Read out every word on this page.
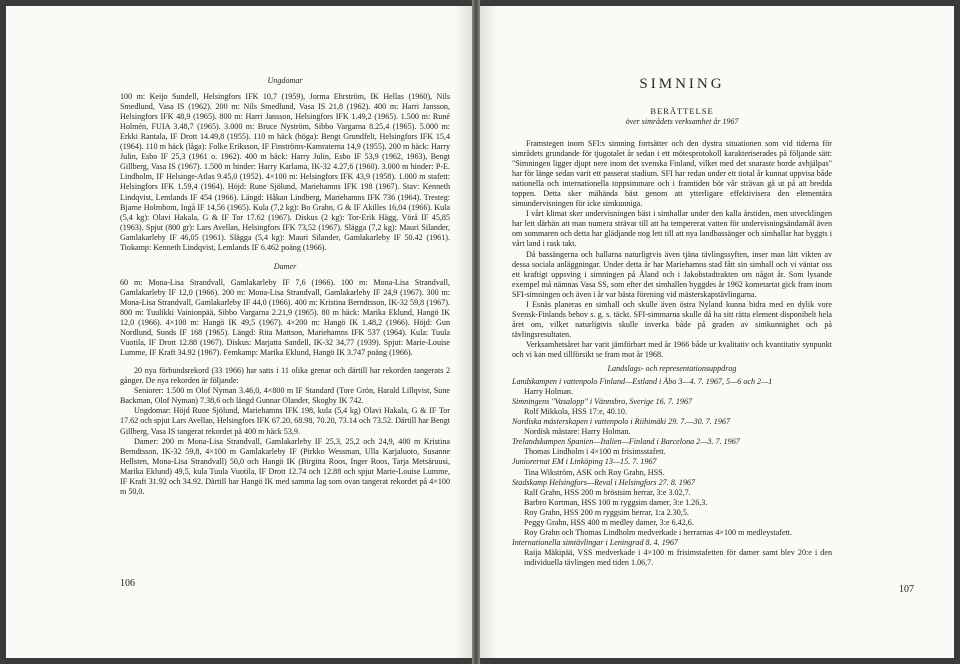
Ungdomar

100 m: Keijo Sundell, Helsingfors IFK 10,7 (1959), Jorma Ehrström, IK Hellas (1960), Nils Smedlund, Vasa IS (1962). 200 m: Nils Smedlund, Vasa IS 21,8 (1962). 400 m: Harri Jansson, Helsingfors IFK 48,9 (1965). 800 m: Harri Jansson, Helsingfors IFK 1.49,2 (1965). 1.500 m: Runé Holmén, FUIA 3.48,7 (1965). 3.000 m: Bruce Nyström, Sibbo Vargarna 8.25,4 (1965). 5.000 m: Erkki Rantala, IF Drott 14.49,8 (1955). 110 m häck (höga): Bengt Grundfelt, Helsingfors IFK 15,4 (1964). 110 m häck (låga): Folke Eriksson, IF Finströms-Kamraterna 14,9 (1955). 200 m häck: Harry Julin, Esbo IF 25,3 (1961 o. 1962). 400 m häck: Harry Julin, Esbo IF 53,9 (1962, 1963), Bengt Gillberg, Vasa IS (1967). 1.500 m hinder: Harry Karlama, IK-32 4.27,6 (1960). 3.000 m hinder: P-E. Lindholm, IF Helsinge-Atlas 9.45,0 (1952). 4×100 m: Helsingfors IFK 43,9 (1958). 1.000 m stafett: Helsingfors IFK 1.59,4 (1964). Höjd: Rune Sjölund, Mariehamns IFK 198 (1967). Stav: Kenneth Lindqvist, Lemlands IF 454 (1966). Längd: Håkan Lindberg, Mariehamns IFK 736 (1964). Tresteg: Bjarne Holmbom, Ingå IF 14,56 (1965). Kula (7,2 kg): Bo Grahn, G & IF Akilles 16,04 (1966). Kula (5,4 kg): Olavi Hakala, G & IF Tor 17.62 (1967). Diskus (2 kg): Tor-Erik Hägg, Vörå IF 45,85 (1963). Spjut (800 gr): Lars Avellan, Helsingfors IFK 73,52 (1967). Slägga (7,2 kg): Mauri Silander, Gamlakarleby IF 46,05 (1961). Slägga (5,4 kg): Mauri Silander, Gamlakarleby IF 50.42 (1961). Tiokamp: Kenneth Lindqvist, Lemlands IF 6.462 poäng (1966).

Damer

60 m: Mona-Lisa Strandvall, Gamlakarleby IF 7,6 (1966). 100 m: Mona-Lisa Strandvall, Gamlakarleby IF 12,0 (1966). 200 m: Mona-Lisa Strandvall, Gamlakarleby IF 24,9 (1967). 300 m: Mona-Lisa Strandvall, Gamlakarleby IF 44,0 (1966). 400 m: Kristina Berndtsson, IK-32 59,8 (1967). 800 m: Tuulikki Vainionpää, Sibbo Vargarna 2.21,9 (1965). 80 m häck: Marika Eklund, Hangö IK 12,0 (1966). 4×100 m: Hangö IK 49,5 (1967). 4×200 m: Hangö IK 1.48,2 (1966). Höjd: Gun Nordlund, Sunds IF 168 (1965). Längd: Rita Mattson, Mariehamns IFK 537 (1964). Kula: Tuula Vuotila, IF Drott 12.88 (1967). Diskus: Marjatta Sandell, IK-32 34,77 (1939). Spjut: Marie-Louise Lumme, IF Kraft 34.92 (1967). Femkamp: Marika Eklund, Hangö IK 3.747 poäng (1966).

20 nya förbundsrekord (33 1966) har satts i 11 olika grenar och därtill har rekorden tangerats 2 gånger. De nya rekorden är följande:

Seniorer: 1.500 m Olof Nyman 3.46,0, 4×800 m IF Standard (Tore Grön, Harald Lillqvist, Sune Backman, Olof Nyman) 7.38,6 och längd Gunnar Olander, Skogby IK 742.

Ungdomar: Höjd Rune Sjölund, Mariehamns IFK 198, kula (5,4 kg) Olavi Hakala, G & IF Tor 17.62 och spjut Lars Avellan, Helsingfors IFK 67.20, 68.98, 70.20, 73.14 och 73.52. Därtill har Bengt Gillberg, Vasa IS tangerat rekordet på 400 m häck 53,9.

Damer: 200 m Mona-Lisa Strandvall, Gamlakarleby IF 25,3, 25,2 och 24,9, 400 m Kristina Berndtsson, IK-32 59,8, 4×100 m Gamlakarleby IF (Pirkko Wessman, Ulla Karjaluoto, Susanne Hellsten, Mona-Lisa Strandvall) 50,0 och Hangö IK (Birgitta Roos, Inger Roos, Tarja Metsäruusi, Marika Eklund) 49,5, kula Tuula Vuotila, IF Drott 12.74 och 12.88 och spjut Marie-Louise Lumme, IF Kraft 31.92 och 34.92. Därtill har Hangö IK med samma lag som ovan tangerat rekordet på 4×100 m 50,0.

106
SIMNING
BERÄTTELSE
över simrådets verksamhet år 1967

Framstegen inom SFI:s simning fortsätter och den dystra situationen som vid tiderna för simrådets grundande för tjugotalet år sedan i ett mötesprotokoll karakteriserades på följande sätt: "Simningen ligger djupt nere inom det svenska Finland, vilket med det snaraste borde avhjälpas" har för länge sedan varit ett passerat stadium. SFI har redan under ett tiotal år kunnat uppvisa både nationella och internationella toppsimmare och i framtiden bör vår strävan gå ut på att bredda toppen. Detta sker mähända bäst genom att ytterligare effektivisera den elementära simundervisningen för icke simkunniga.

I vårt klimat sker undervisningen bäst i simhallar under den kalla årstiden, men utvecklingen har lett därhän att man numera strävar till att ha tempererat vatten för undervisningsändamål även om sommaren och detta har glädjande nog lett till att nya landbassänger och simhallar har byggts i vårt land i rask takt.

Då bassängerna och hallarna naturligtvis även tjäna tävlingssyften, inser man lätt vikten av dessa sociala anläggningar. Under detta år har Mariehamns stad fått sin simhall och vi väntar oss ett kraftigt uppsving i simningen på Åland och i Jakobstadtrakten om något år. Som lysande exempel må nämnas Vasa SS, som efter det simhallen byggdes år 1962 kometartat gick fram inom SFI-simningen och även i år var bästa förening vid mästerskapstävlingarna.

I Esnäs planeras en simhall och skulle även östra Nyland kunna bidra med en dylik vore Svensk-Finlands behov s. g. s. täckt. SFI-simmarna skulle då ha sitt rätta element disponibelt hela året om, vilket naturligtvis skulle inverka både på graden av simkunnighet och på tävlingsresultaten.

Verksamhetsåret har varit jämförbart med år 1966 både ur kvalitativ och kvantitativ synpunkt och vi kan med tillförsikt se fram mot år 1968.

Landslags- och representationsuppdrag
Landskampen i vattenpolo Finland—Estland i Åbo 3—4. 7. 1967, 5—6 och 2—1
Harry Holman.
Simningens "Vasalopp" i Vännsbro, Sverige 16. 7. 1967
Rolf Mikkola, HSS 17:e, 40.10.
Nordiska mästerskapen i vattenpolo i Riihimäki 29. 7.—30. 7. 1967
Nordisk mästare: Harry Holman.
Trelandskampen Spanien—Italien—Finland i Barcelona 2—3. 7. 1967
Thomas Lindholm i 4×100 m frisimsstafett.
Juniorernat EM i Linköping 13—15. 7. 1967
Tina Wikström, ASK och Roy Grahn, HSS.
Stadskamp Helsingfors—Reval i Helsingfors 27. 8. 1967
Ralf Grahn, HSS 200 m bröstsim herrar, 3:e 3.02,7.
Barbro Kortman, HSS 100 m ryggsim damer, 3:e 1.26,3.
Roy Grahn, HSS 200 m ryggsim herrar, 1:a 2.30,5.
Peggy Grahn, HSS 400 m medley damer, 3:e 6.42,6.
Roy Grahn och Thomas Lindholm medverkade i herrarnas 4×100 m medleystafett.
Internationella simtävlingar i Leningrad 8. 4. 1967
Raija Mäkipää, VSS medverkade i 4×100 m frisimstafetten för damer samt blev 20:e i den individuella tävlingen med tiden 1.06,7.
107
